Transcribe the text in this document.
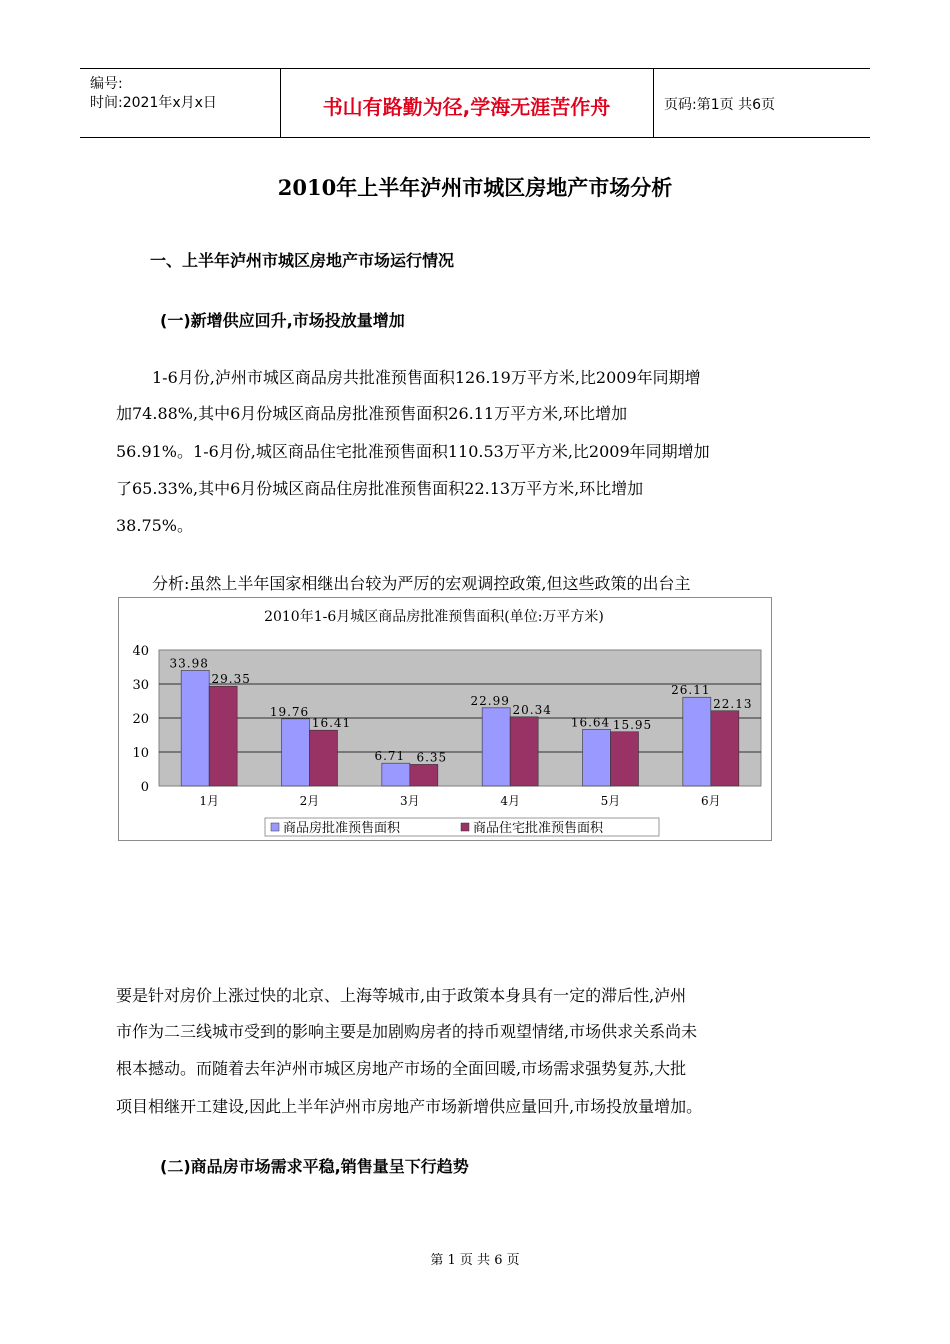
编号:
时间:2021年x月x日	书山有路勤为径,学海无涯苦作舟	页码:第1页 共6页
2010年上半年泸州市城区房地产市场分析
一、上半年泸州市城区房地产市场运行情况
(一)新增供应回升,市场投放量增加
1-6月份,泸州市城区商品房共批准预售面积126.19万平方米,比2009年同期增
加74.88%,其中6月份城区商品房批准预售面积26.11万平方米,环比增加
56.91%。1-6月份,城区商品住宅批准预售面积110.53万平方米,比2009年同期增加
了65.33%,其中6月份城区商品住房批准预售面积22.13万平方米,环比增加
38.75%。
分析:虽然上半年国家相继出台较为严厉的宏观调控政策,但这些政策的出台主
2010年1-6月城区商品房批准预售面积(单位:万平方米)
0
10
20
30
40
33.98
29.35
1月
19.76
16.41
2月
6.71 6.35
3月
22.99
20.34
4月
16.64 15.95
5月
26.11
22.13
6月
商品房批准预售面积	商品住宅批准预售面积
要是针对房价上涨过快的北京、上海等城市,由于政策本身具有一定的滞后性,泸州
市作为二三线城市受到的影响主要是加剧购房者的持币观望情绪,市场供求关系尚未
根本撼动。而随着去年泸州市城区房地产市场的全面回暖,市场需求强势复苏,大批
项目相继开工建设,因此上半年泸州市房地产市场新增供应量回升,市场投放量增加。
(二)商品房市场需求平稳,销售量呈下行趋势
第 1 页 共 6 页
